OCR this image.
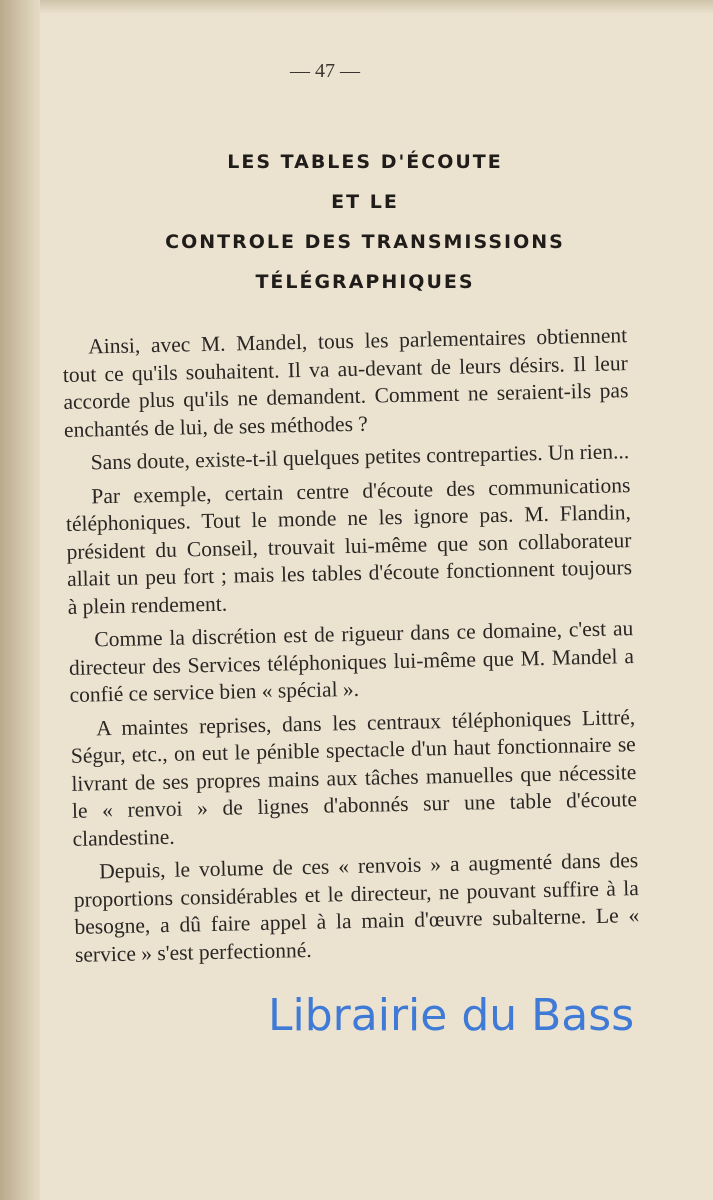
— 47 —
LES TABLES D'ÉCOUTE
ET LE
CONTROLE DES TRANSMISSIONS
TÉLÉGRAPHIQUES

Ainsi, avec M. Mandel, tous les parlementaires obtiennent tout ce qu'ils souhaitent. Il va au-devant de leurs désirs. Il leur accorde plus qu'ils ne demandent. Comment ne seraient-ils pas enchantés de lui, de ses méthodes ?

Sans doute, existe-t-il quelques petites contreparties. Un rien...

Par exemple, certain centre d'écoute des communications téléphoniques. Tout le monde ne les ignore pas. M. Flandin, président du Conseil, trouvait lui-même que son collaborateur allait un peu fort ; mais les tables d'écoute fonctionnent toujours à plein rendement.

Comme la discrétion est de rigueur dans ce domaine, c'est au directeur des Services téléphoniques lui-même que M. Mandel a confié ce service bien « spécial ».

A maintes reprises, dans les centraux téléphoniques Littré, Ségur, etc., on eut le pénible spectacle d'un haut fonctionnaire se livrant de ses propres mains aux tâches manuelles que nécessite le « renvoi » de lignes d'abonnés sur une table d'écoute clandestine.

Depuis, le volume de ces « renvois » a augmenté dans des proportions considérables et le directeur, ne pouvant suffire à la besogne, a dû faire appel à la main d'œuvre subalterne. Le « service » s'est perfectionné.

Librairie du Bass
